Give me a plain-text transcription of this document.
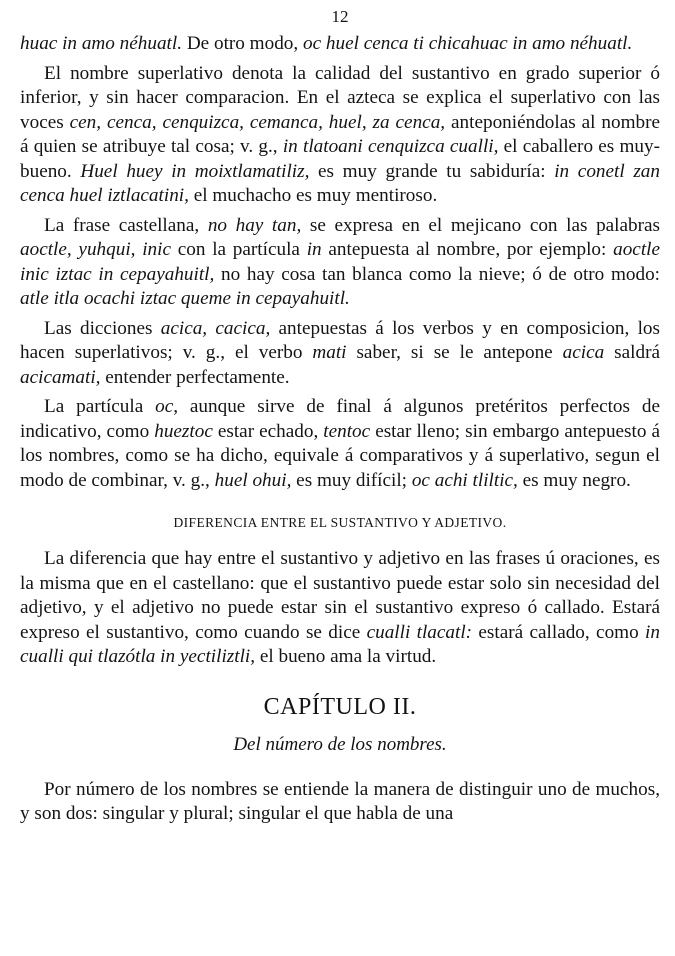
12

huac in amo néhuatl. De otro modo, oc huel cenca ti chicahuac in amo néhuatl.

El nombre superlativo denota la calidad del sustantivo en grado superior ó inferior, y sin hacer comparacion. En el azteca se explica el superlativo con las voces cen, cenca, cenquizca, cemanca, huel, za cenca, anteponiéndolas al nombre á quien se atribuye tal cosa; v. g., in tlatoani cenquizca cualli, el caballero es muy-bueno. Huel huey in moixtlamatiliz, es muy grande tu sabiduría: in conetl zan cenca huel iztlacatini, el muchacho es muy mentiroso.

La frase castellana, no hay tan, se expresa en el mejicano con las palabras aoctle, yuhqui, inic con la partícula in antepuesta al nombre, por ejemplo: aoctle inic iztac in cepayahuitl, no hay cosa tan blanca como la nieve; ó de otro modo: atle itla ocachi iztac queme in cepayahuitl.

Las dicciones acica, cacica, antepuestas á los verbos y en composicion, los hacen superlativos; v. g., el verbo mati saber, si se le antepone acica saldrá acicamati, entender perfectamente.

La partícula oc, aunque sirve de final á algunos pretéritos perfectos de indicativo, como hueztoc estar echado, tentoc estar lleno; sin embargo antepuesto á los nombres, como se ha dicho, equivale á comparativos y á superlativo, segun el modo de combinar, v. g., huel ohui, es muy difícil; oc achi tliltic, es muy negro.

DIFERENCIA ENTRE EL SUSTANTIVO Y ADJETIVO.

La diferencia que hay entre el sustantivo y adjetivo en las frases ú oraciones, es la misma que en el castellano: que el sustantivo puede estar solo sin necesidad del adjetivo, y el adjetivo no puede estar sin el sustantivo expreso ó callado. Estará expreso el sustantivo, como cuando se dice cualli tlacatl: estará callado, como in cualli qui tlazótla in yectiliztli, el bueno ama la virtud.

CAPÍTULO II.
Del número de los nombres.

Por número de los nombres se entiende la manera de distinguir uno de muchos, y son dos: singular y plural; singular el que habla de una
